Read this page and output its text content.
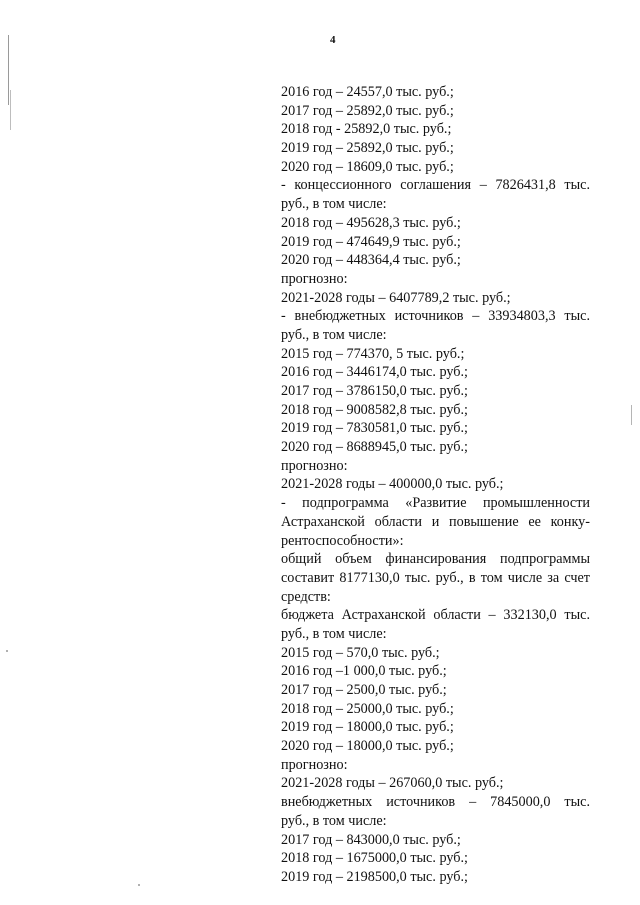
4
2016 год – 24557,0 тыс. руб.;
2017 год – 25892,0 тыс. руб.;
2018 год - 25892,0 тыс. руб.;
2019 год – 25892,0 тыс. руб.;
2020 год – 18609,0 тыс. руб.;
- концессионного соглашения – 7826431,8 тыс.
руб., в том числе:
2018 год – 495628,3 тыс. руб.;
2019 год – 474649,9 тыс. руб.;
2020 год – 448364,4 тыс. руб.;
прогнозно:
2021-2028 годы – 6407789,2 тыс. руб.;
- внебюджетных источников – 33934803,3 тыс.
руб., в том числе:
2015 год – 774370, 5 тыс. руб.;
2016 год – 3446174,0 тыс. руб.;
2017 год – 3786150,0 тыс. руб.;
2018 год – 9008582,8 тыс. руб.;
2019 год – 7830581,0 тыс. руб.;
2020 год – 8688945,0 тыс. руб.;
прогнозно:
2021-2028 годы – 400000,0 тыс. руб.;
- подпрограмма «Развитие промышленности
Астраханской области и повышение ее конку-
рентоспособности»:
общий объем финансирования подпрограммы
составит 8177130,0 тыс. руб., в том числе за счет
средств:
бюджета Астраханской области – 332130,0 тыс.
руб., в том числе:
2015 год – 570,0 тыс. руб.;
2016 год –1 000,0 тыс. руб.;
2017 год – 2500,0 тыс. руб.;
2018 год – 25000,0 тыс. руб.;
2019 год – 18000,0 тыс. руб.;
2020 год – 18000,0 тыс. руб.;
прогнозно:
2021-2028 годы – 267060,0 тыс. руб.;
внебюджетных источников – 7845000,0 тыс.
руб., в том числе:
2017 год – 843000,0 тыс. руб.;
2018 год – 1675000,0 тыс. руб.;
2019 год – 2198500,0 тыс. руб.;
